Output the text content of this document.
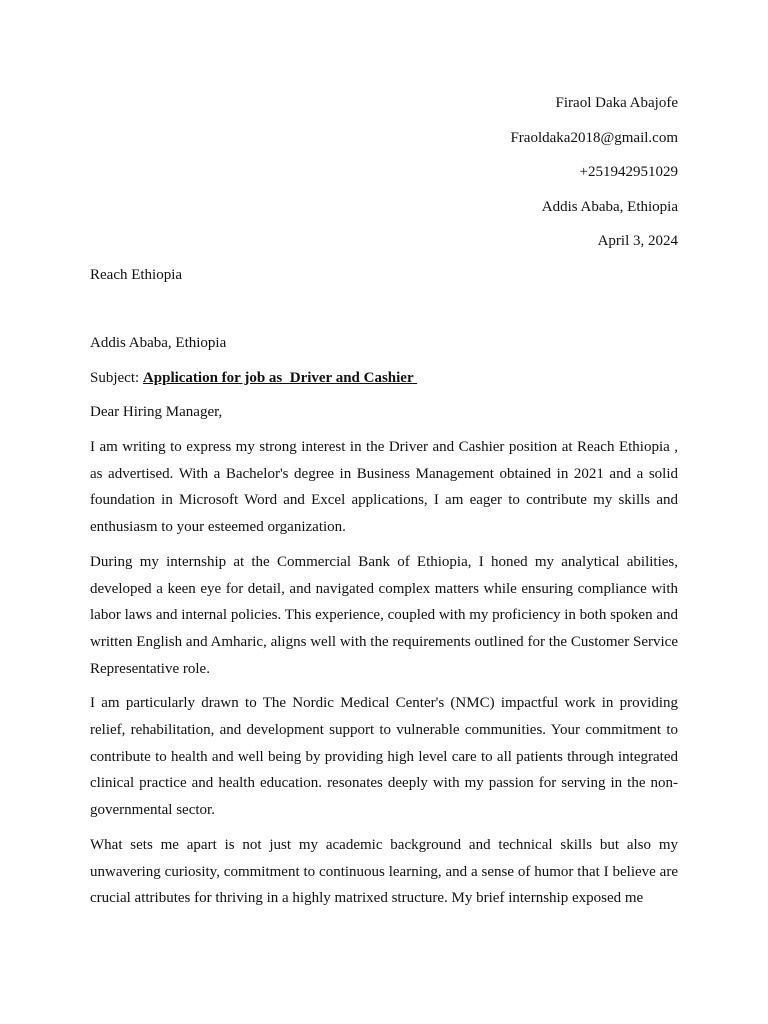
Firaol Daka Abajofe
Fraoldaka2018@gmail.com
+251942951029
Addis Ababa, Ethiopia
April 3, 2024
Reach Ethiopia
Addis Ababa, Ethiopia
Subject: Application for job as  Driver and Cashier
Dear Hiring Manager,

I am writing to express my strong interest in the Driver and Cashier position at Reach Ethiopia , as advertised. With a Bachelor's degree in Business Management obtained in 2021 and a solid foundation in Microsoft Word and Excel applications, I am eager to contribute my skills and enthusiasm to your esteemed organization.

During my internship at the Commercial Bank of Ethiopia, I honed my analytical abilities, developed a keen eye for detail, and navigated complex matters while ensuring compliance with labor laws and internal policies. This experience, coupled with my proficiency in both spoken and written English and Amharic, aligns well with the requirements outlined for the Customer Service Representative role.

I am particularly drawn to The Nordic Medical Center's (NMC) impactful work in providing relief, rehabilitation, and development support to vulnerable communities. Your commitment to contribute to health and well being by providing high level care to all patients through integrated clinical practice and health education. resonates deeply with my passion for serving in the non-governmental sector.

What sets me apart is not just my academic background and technical skills but also my unwavering curiosity, commitment to continuous learning, and a sense of humor that I believe are crucial attributes for thriving in a highly matrixed structure. My brief internship exposed me
